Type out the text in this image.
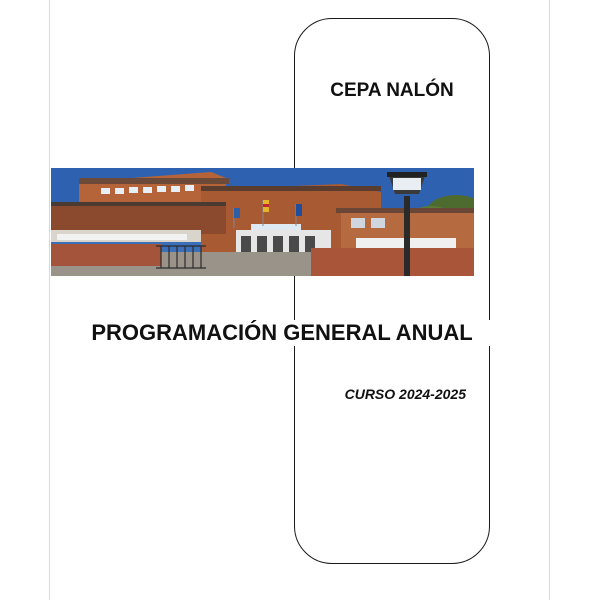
CEPA NALÓN
PROGRAMACIÓN GENERAL ANUAL
CURSO 2024-2025
